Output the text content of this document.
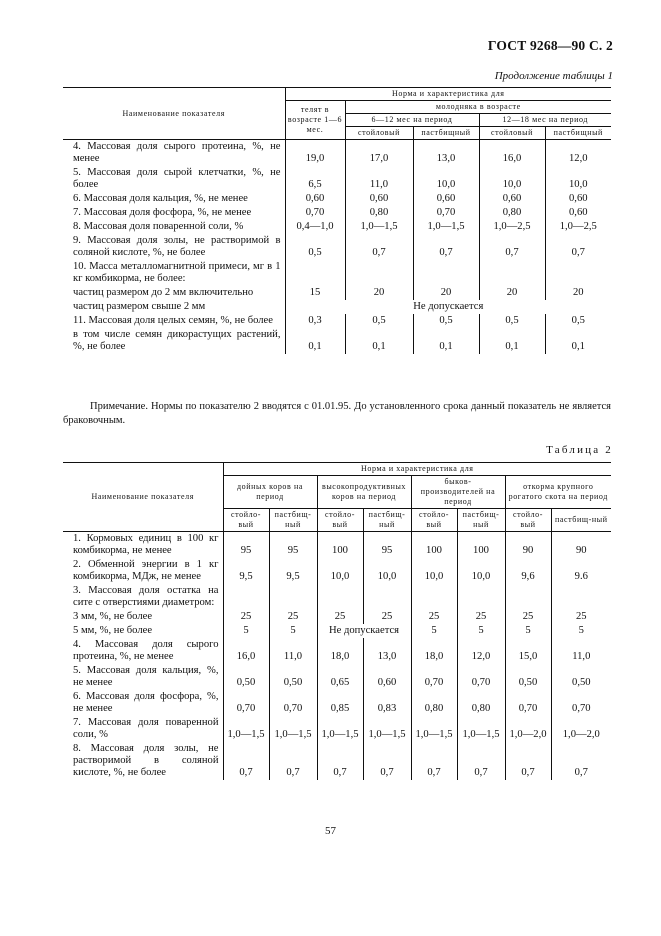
ГОСТ 9268—90 С. 2
Продолжение таблицы 1
Наименование показателя	Норма и характеристика для				
	телят в возрасте 1—6 мес.	молодняка в возрасте			
		6—12 мес на период		12—18 мес на период	
		стойловый	пастбищный	стойловый	пастбищный
4. Массовая доля сырого протеина, %, не менее	19,0	17,0	13,0	16,0	12,0
5. Массовая доля сырой клетчатки, %, не более	6,5	11,0	10,0	10,0	10,0
6. Массовая доля кальция, %, не менее	0,60	0,60	0,60	0,60	0,60
7. Массовая доля фосфора, %, не менее	0,70	0,80	0,70	0,80	0,60
8. Массовая доля поваренной соли, %	0,4—1,0	1,0—1,5	1,0—1,5	1,0—2,5	1,0—2,5
9. Массовая доля золы, не растворимой в соляной кислоте, %, не более	0,5	0,7	0,7	0,7	0,7
10. Масса металломагнитной примеси, мг в 1 кг комбикорма, не более:					
частиц размером до 2 мм включительно	15	20	20	20	20
частиц размером свыше 2 мм	Не допускается				
11. Массовая доля целых семян, %, не более	0,3	0,5	0,5	0,5	0,5
в том числе семян дикорастущих растений, %, не более	0,1	0,1	0,1	0,1	0,1
Примечание. Нормы по показателю 2 вводятся с 01.01.95. До установленного срока данный показатель не является браковочным.
Таблица 2
Наименование показателя	Норма и характеристика для							
	дойных коров на период		высокопродуктивных коров на период		быков-производителей на период		откорма крупного рогатого скота на период	
	стойло-вый	пастбищ-ный	стойло-вый	пастбищ-ный	стойло-вый	пастбищ-ный	стойло-вый	пастбищ-ный
1. Кормовых единиц в 100 кг комбикорма, не менее	95	95	100	95	100	100	90	90
2. Обменной энергии в 1 кг комбикорма, МДж, не менее	9,5	9,5	10,0	10,0	10,0	10,0	9,6	9.6
3. Массовая доля остатка на сите с отверстиями диаметром:								
3 мм, %, не более	25	25	25	25	25	25	25	25
5 мм, %, не более	5	5	Не допускается		5	5	5	5
4. Массовая доля сырого протеина, %, не менее	16,0	11,0	18,0	13,0	18,0	12,0	15,0	11,0
5. Массовая доля кальция, %, не менее	0,50	0,50	0,65	0,60	0,70	0,70	0,50	0,50
6. Массовая доля фосфора, %, не менее	0,70	0,70	0,85	0,83	0,80	0,80	0,70	0,70
7. Массовая доля поваренной соли, %	1,0—1,5	1,0—1,5	1,0—1,5	1,0—1,5	1,0—1,5	1,0—1,5	1,0—2,0	1,0—2,0
8. Массовая доля золы, не растворимой в соляной кислоте, %, не более	0,7	0,7	0,7	0,7	0,7	0,7	0,7	0,7
57
